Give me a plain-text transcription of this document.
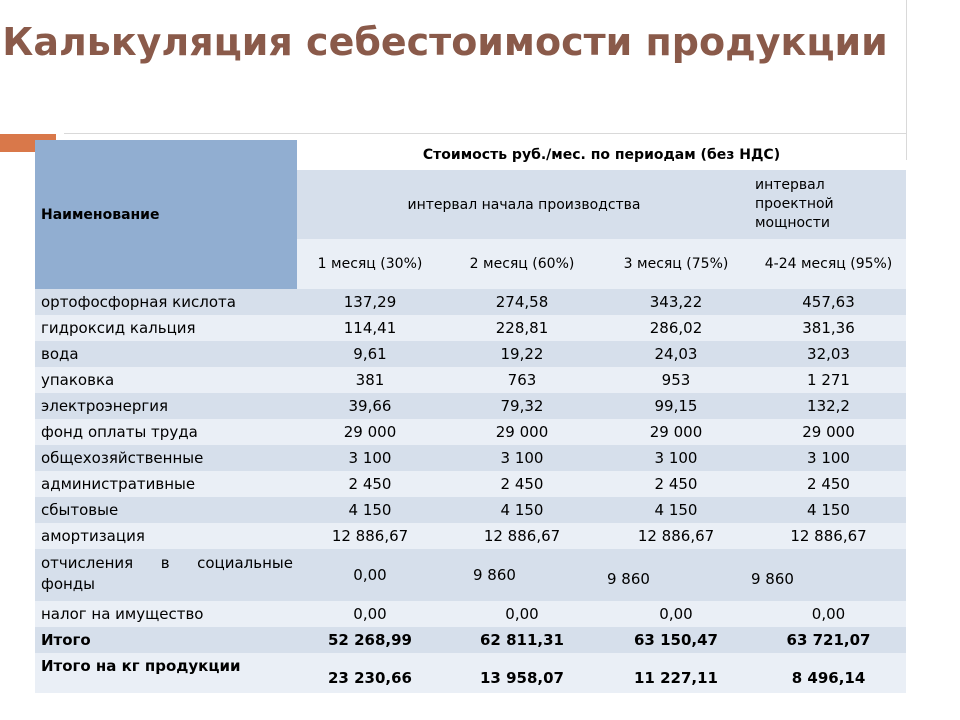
Калькуляция себестоимости продукции
Наименование	Стоимость руб./мес. по периодам (без НДС)			
	интервал начала производства			интервал проектной мощности
	1 месяц (30%)	2 месяц (60%)	3 месяц (75%)	4-24 месяц (95%)
ортофосфорная кислота	137,29	274,58	343,22	457,63
гидроксид кальция	114,41	228,81	286,02	381,36
вода	9,61	19,22	24,03	32,03
упаковка	381	763	953	1 271
электроэнергия	39,66	79,32	99,15	132,2
фонд оплаты труда	29 000	29 000	29 000	29 000
общехозяйственные	3 100	3 100	3 100	3 100
административные	2 450	2 450	2 450	2 450
сбытовые	4 150	4 150	4 150	4 150
амортизация	12 886,67	12 886,67	12 886,67	12 886,67
отчисления в социальные фонды	0,00	9 860	9 860	9 860
налог на имущество	0,00	0,00	0,00	0,00
Итого	52 268,99	62 811,31	63 150,47	63 721,07
Итого на кг продукции	23 230,66	13 958,07	11 227,11	8 496,14
